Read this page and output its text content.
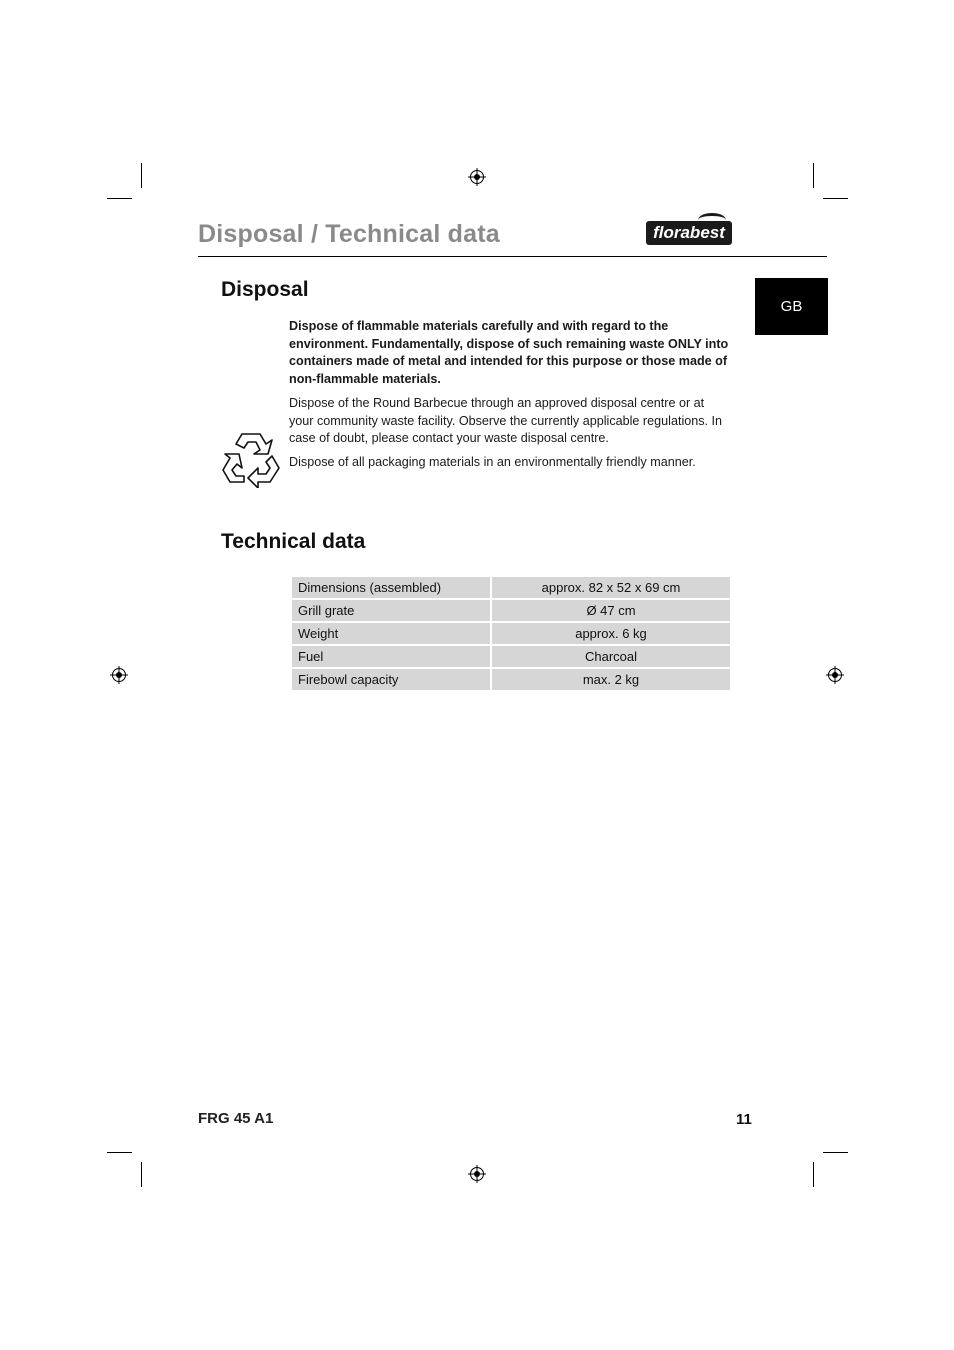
Disposal / Technical data	florabest
GB
Disposal

Dispose of flammable materials carefully and with regard to the environment. Fundamentally, dispose of such remaining waste ONLY into containers made of metal and intended for this purpose or those made of non-flammable materials.

Dispose of the Round Barbecue through an approved disposal centre or at your community waste facility. Observe the currently applicable regulations. In case of doubt, please contact your waste disposal centre.

Dispose of all packaging materials in an environmentally friendly manner.

Technical data
Dimensions (assembled)	approx. 82 x 52 x 69 cm
Grill grate	Ø 47 cm
Weight	approx. 6 kg
Fuel	Charcoal
Firebowl capacity	max. 2 kg
FRG 45 A1	11
